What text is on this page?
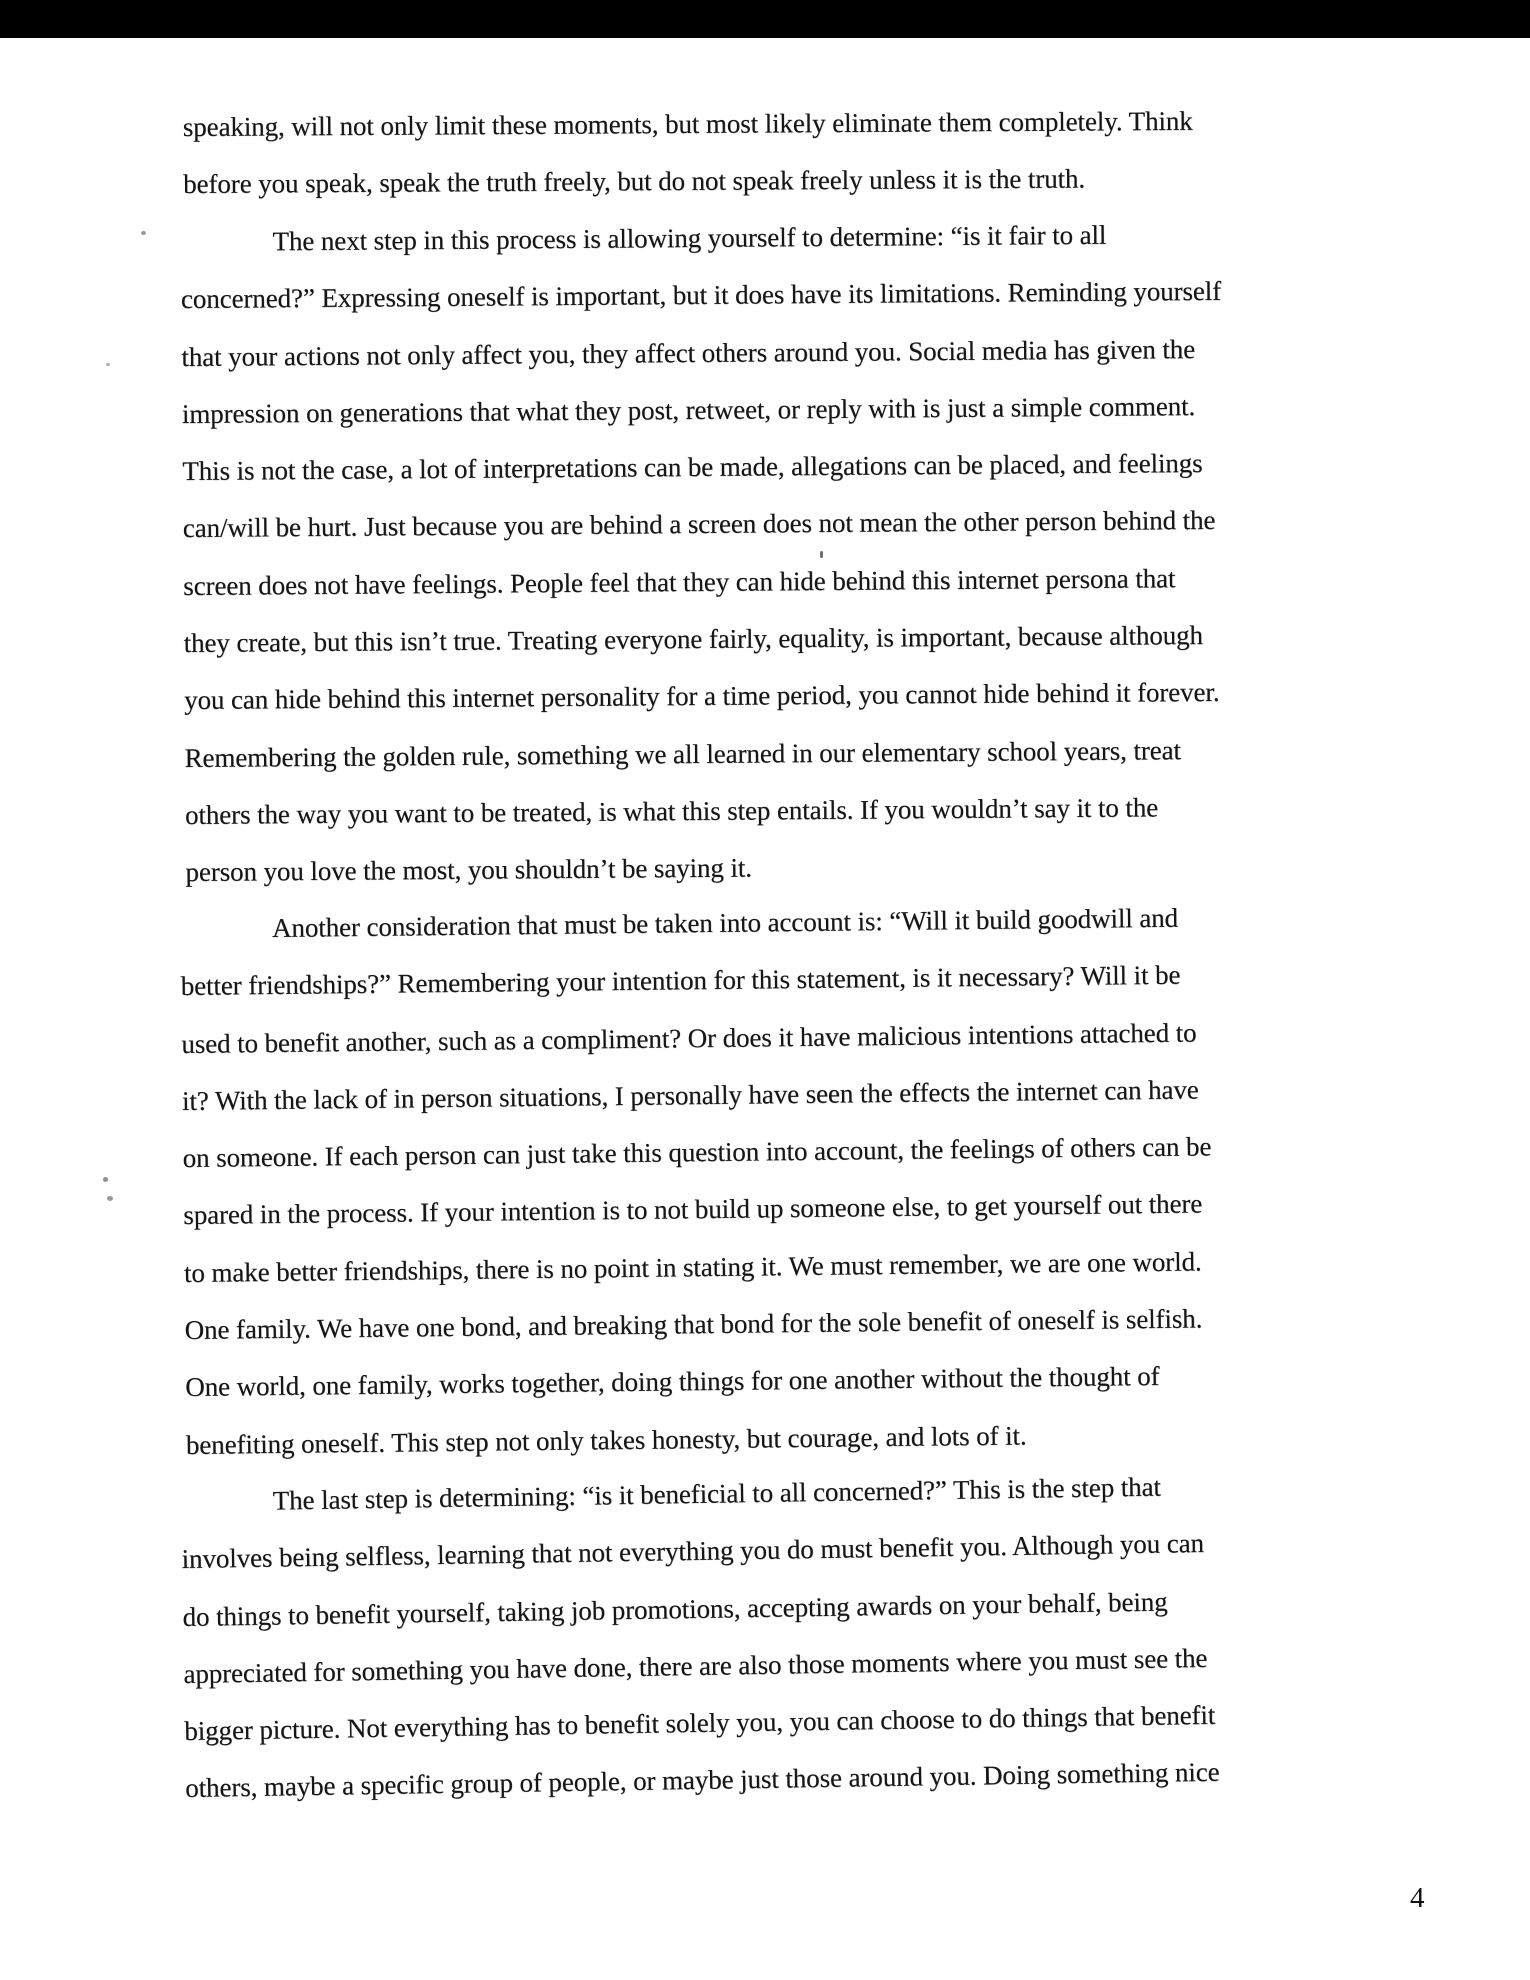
speaking, will not only limit these moments, but most likely eliminate them completely. Think
before you speak, speak the truth freely, but do not speak freely unless it is the truth.
The next step in this process is allowing yourself to determine: “is it fair to all
concerned?” Expressing oneself is important, but it does have its limitations. Reminding yourself
that your actions not only affect you, they affect others around you. Social media has given the
impression on generations that what they post, retweet, or reply with is just a simple comment.
This is not the case, a lot of interpretations can be made, allegations can be placed, and feelings
can/will be hurt. Just because you are behind a screen does not mean the other person behind the
screen does not have feelings. People feel that they can hide behind this internet persona that
they create, but this isn’t true. Treating everyone fairly, equality, is important, because although
you can hide behind this internet personality for a time period, you cannot hide behind it forever.
Remembering the golden rule, something we all learned in our elementary school years, treat
others the way you want to be treated, is what this step entails. If you wouldn’t say it to the
person you love the most, you shouldn’t be saying it.
Another consideration that must be taken into account is: “Will it build goodwill and
better friendships?” Remembering your intention for this statement, is it necessary? Will it be
used to benefit another, such as a compliment? Or does it have malicious intentions attached to
it? With the lack of in person situations, I personally have seen the effects the internet can have
on someone. If each person can just take this question into account, the feelings of others can be
spared in the process. If your intention is to not build up someone else, to get yourself out there
to make better friendships, there is no point in stating it. We must remember, we are one world.
One family. We have one bond, and breaking that bond for the sole benefit of oneself is selfish.
One world, one family, works together, doing things for one another without the thought of
benefiting oneself. This step not only takes honesty, but courage, and lots of it.
The last step is determining: “is it beneficial to all concerned?” This is the step that
involves being selfless, learning that not everything you do must benefit you. Although you can
do things to benefit yourself, taking job promotions, accepting awards on your behalf, being
appreciated for something you have done, there are also those moments where you must see the
bigger picture. Not everything has to benefit solely you, you can choose to do things that benefit
others, maybe a specific group of people, or maybe just those around you. Doing something nice
4
